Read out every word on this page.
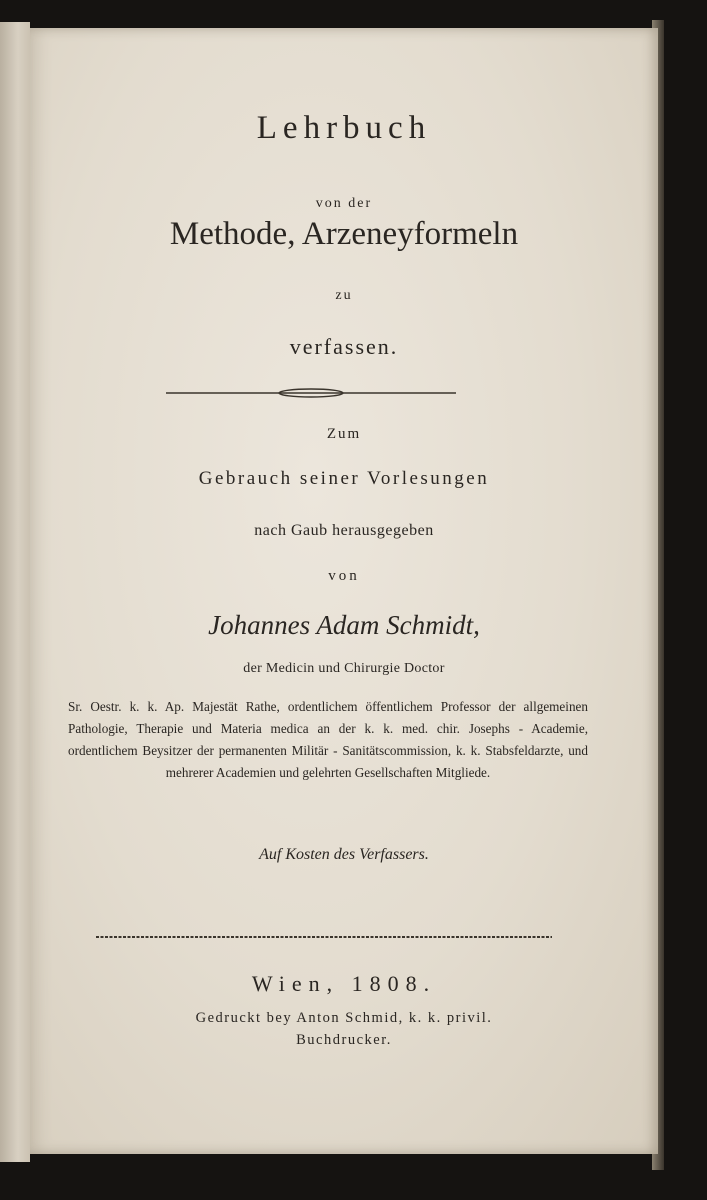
Lehrbuch
von der
Methode, Arzeneyformeln
zu
verfassen.
Zum
Gebrauch seiner Vorlesungen
nach Gaub herausgegeben
von
Johannes Adam Schmidt,
der Medicin und Chirurgie Doctor
Sr. Oestr. k. k. Ap. Majestät Rathe, ordentlichem öffentlichem Professor der allgemeinen Pathologie, Therapie und Materia medica an der k. k. med. chir. Josephs - Academie, ordentlichem Beysitzer der permanenten Militär - Sanitätscommission, k. k. Stabsfeldarzte, und mehrerer Academien und gelehrten Gesellschaften Mitgliede.
Auf Kosten des Verfassers.
Wien, 1808.
Gedruckt bey Anton Schmid, k. k. privil.
Buchdrucker.
